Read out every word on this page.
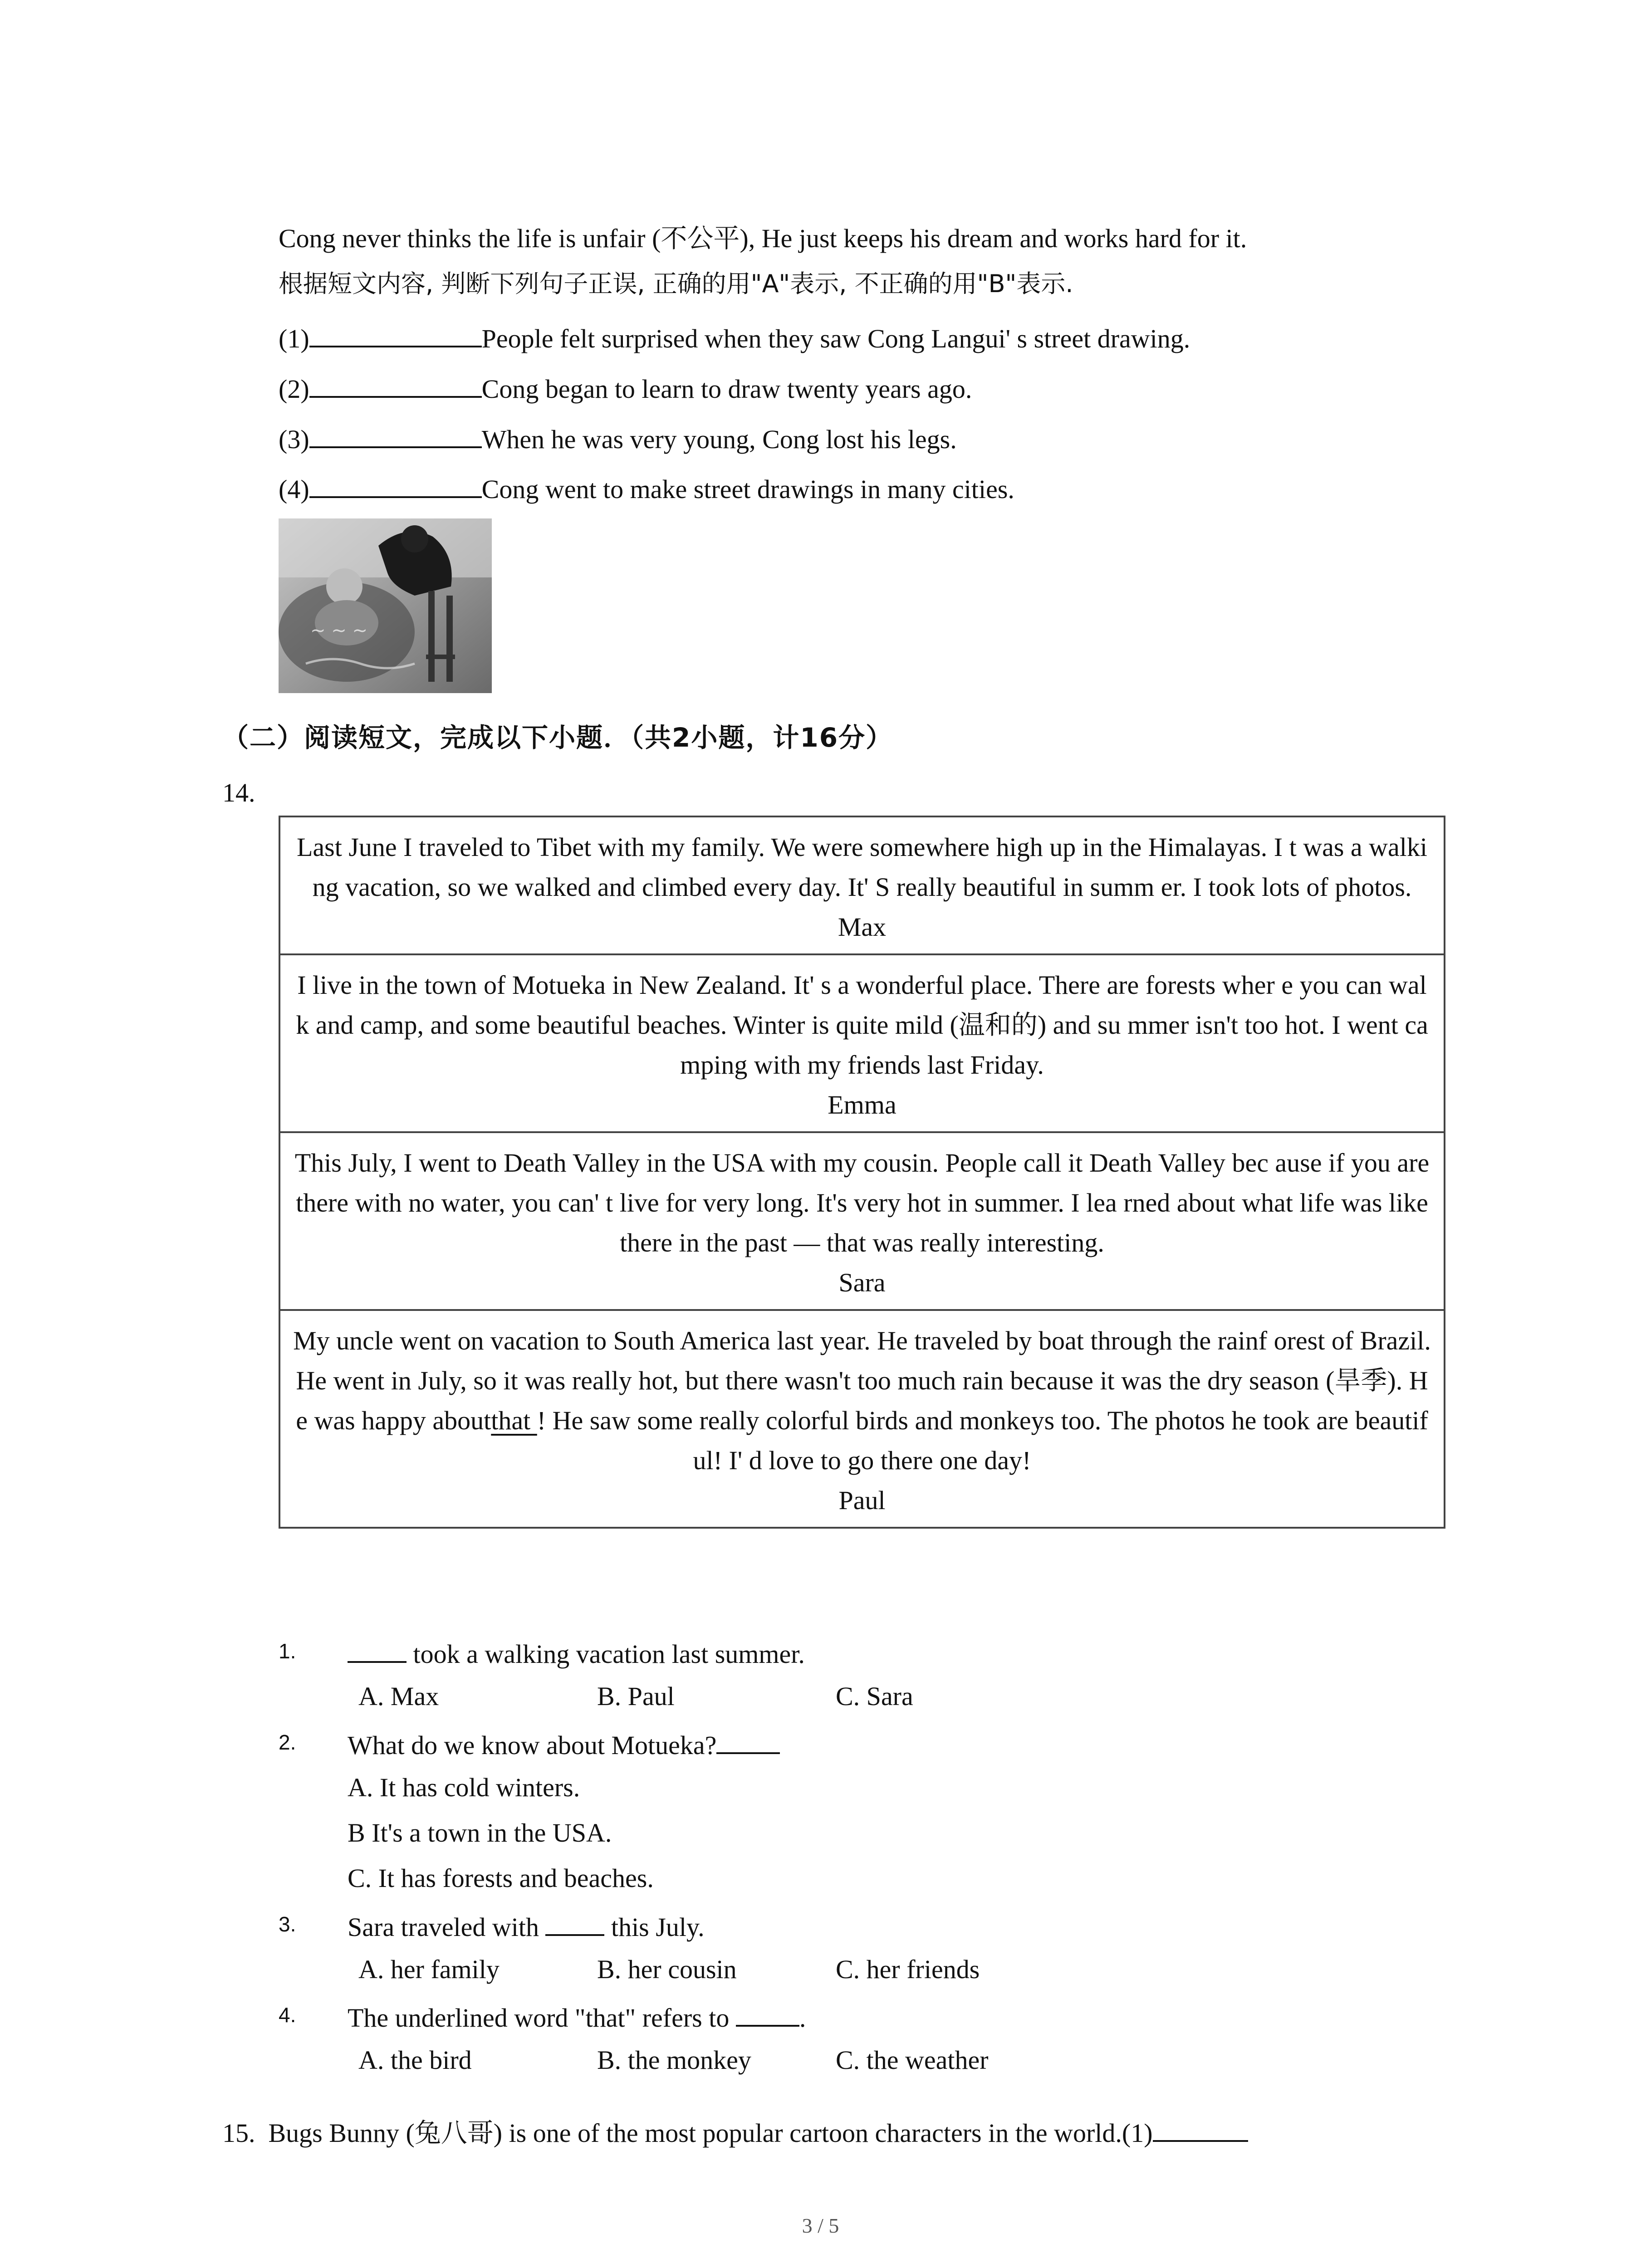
Cong never thinks the life is unfair (不公平), He just keeps his dream and works hard for it.
根据短文内容, 判断下列句子正误, 正确的用"A"表示, 不正确的用"B"表示.
(1)	People felt surprised when they saw Cong Langui' s street drawing.
(2)	Cong began to learn to draw twenty years ago.
(3)	When he was very young, Cong lost his legs.
(4)	Cong went to make street drawings in many cities.
~ ~ ~
（二）阅读短文，完成以下小题．（共2小题，计16分）
14.
Last June I traveled to Tibet with my family. We were somewhere high up in the Himalayas. I t was a walking vacation, so we walked and climbed every day. It' S really beautiful in summ er. I took lots of photos.
Max
I live in the town of Motueka in New Zealand. It' s a wonderful place. There are forests wher e you can walk and camp, and some beautiful beaches. Winter is quite mild (温和的) and su mmer isn't too hot. I went camping with my friends last Friday.
Emma
This July, I went to Death Valley in the USA with my cousin. People call it Death Valley bec ause if you are there with no water, you can' t live for very long. It's very hot in summer. I lea rned about what life was like there in the past — that was really interesting.
Sara
My uncle went on vacation to South America last year. He traveled by boat through the rainf orest of Brazil. He went in July, so it was really hot, but there wasn't too much rain because it was the dry season (旱季). He was happy aboutthat ! He saw some really colorful birds and monkeys too. The photos he took are beautiful! I' d love to go there one day!
Paul
1.	took a walking vacation last summer.
A. Max	B. Paul	C. Sara
2. What do we know about Motueka?
A. It has cold winters.
B It's a town in the USA.
C. It has forests and beaches.
3. Sara traveled with  this July.
A. her family	B. her cousin	C. her friends
4. The underlined word "that" refers to .
A. the bird	B. the monkey	C. the weather
15. Bugs Bunny (兔八哥) is one of the most popular cartoon characters in the world.(1)
3 / 5
